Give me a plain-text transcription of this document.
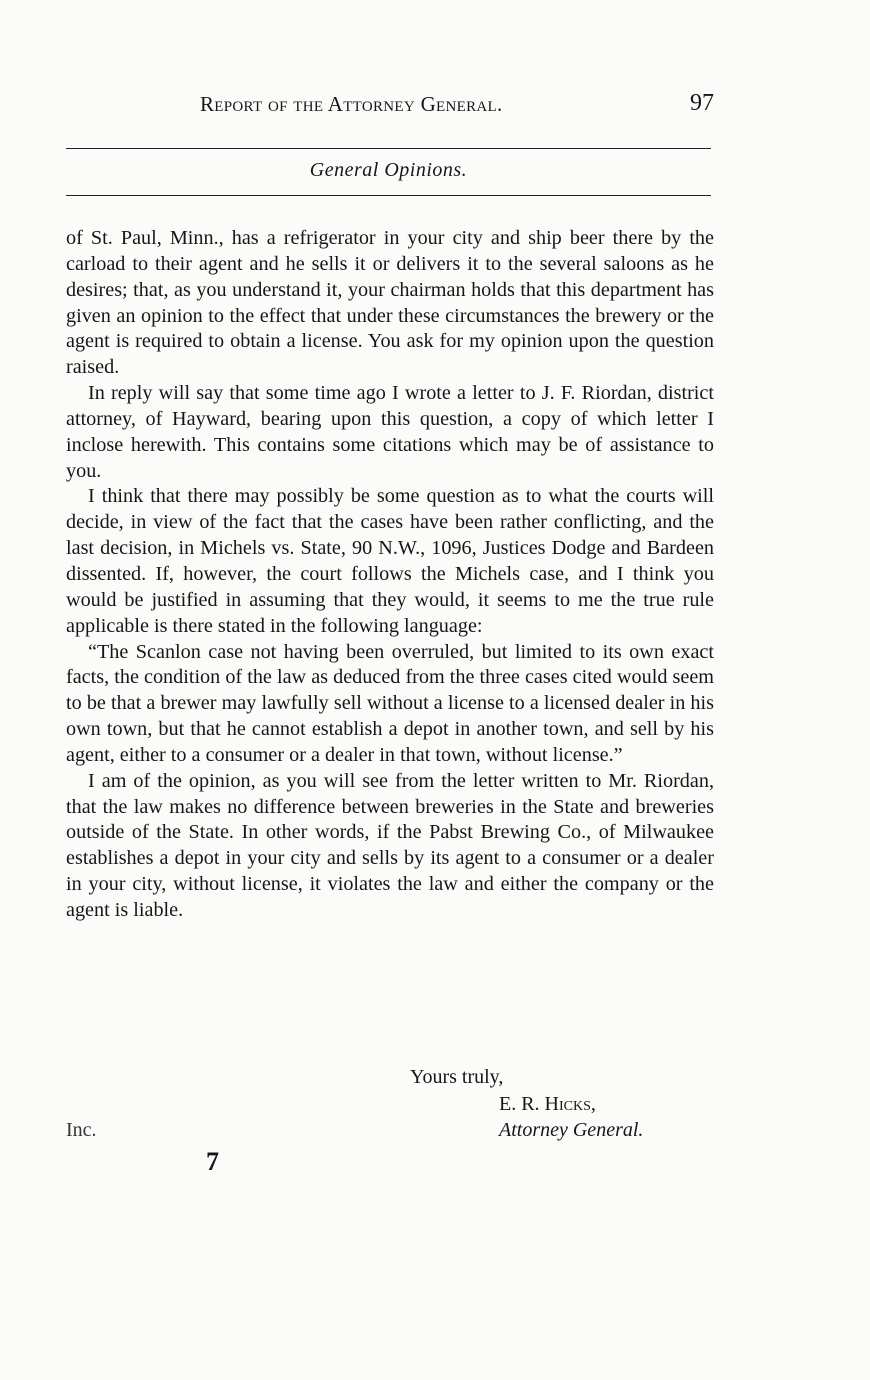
Report of the Attorney General.	97
General Opinions.

of St. Paul, Minn., has a refrigerator in your city and ship beer there by the carload to their agent and he sells it or delivers it to the several saloons as he desires; that, as you understand it, your chairman holds that this department has given an opinion to the effect that under these circumstances the brewery or the agent is required to obtain a license. You ask for my opinion upon the question raised.

In reply will say that some time ago I wrote a letter to J. F. Riordan, district attorney, of Hayward, bearing upon this question, a copy of which letter I inclose herewith. This contains some citations which may be of assistance to you.

I think that there may possibly be some question as to what the courts will decide, in view of the fact that the cases have been rather conflicting, and the last decision, in Michels vs. State, 90 N.W., 1096, Justices Dodge and Bardeen dissented. If, however, the court follows the Michels case, and I think you would be justified in assuming that they would, it seems to me the true rule applicable is there stated in the following language:

“The Scanlon case not having been overruled, but limited to its own exact facts, the condition of the law as deduced from the three cases cited would seem to be that a brewer may lawfully sell without a license to a licensed dealer in his own town, but that he cannot establish a depot in another town, and sell by his agent, either to a consumer or a dealer in that town, without license.”

I am of the opinion, as you will see from the letter written to Mr. Riordan, that the law makes no difference between breweries in the State and breweries outside of the State. In other words, if the Pabst Brewing Co., of Milwaukee establishes a depot in your city and sells by its agent to a consumer or a dealer in your city, without license, it violates the law and either the company or the agent is liable.

Yours truly,
E. R. Hicks,
Attorney General.
Inc.
7
